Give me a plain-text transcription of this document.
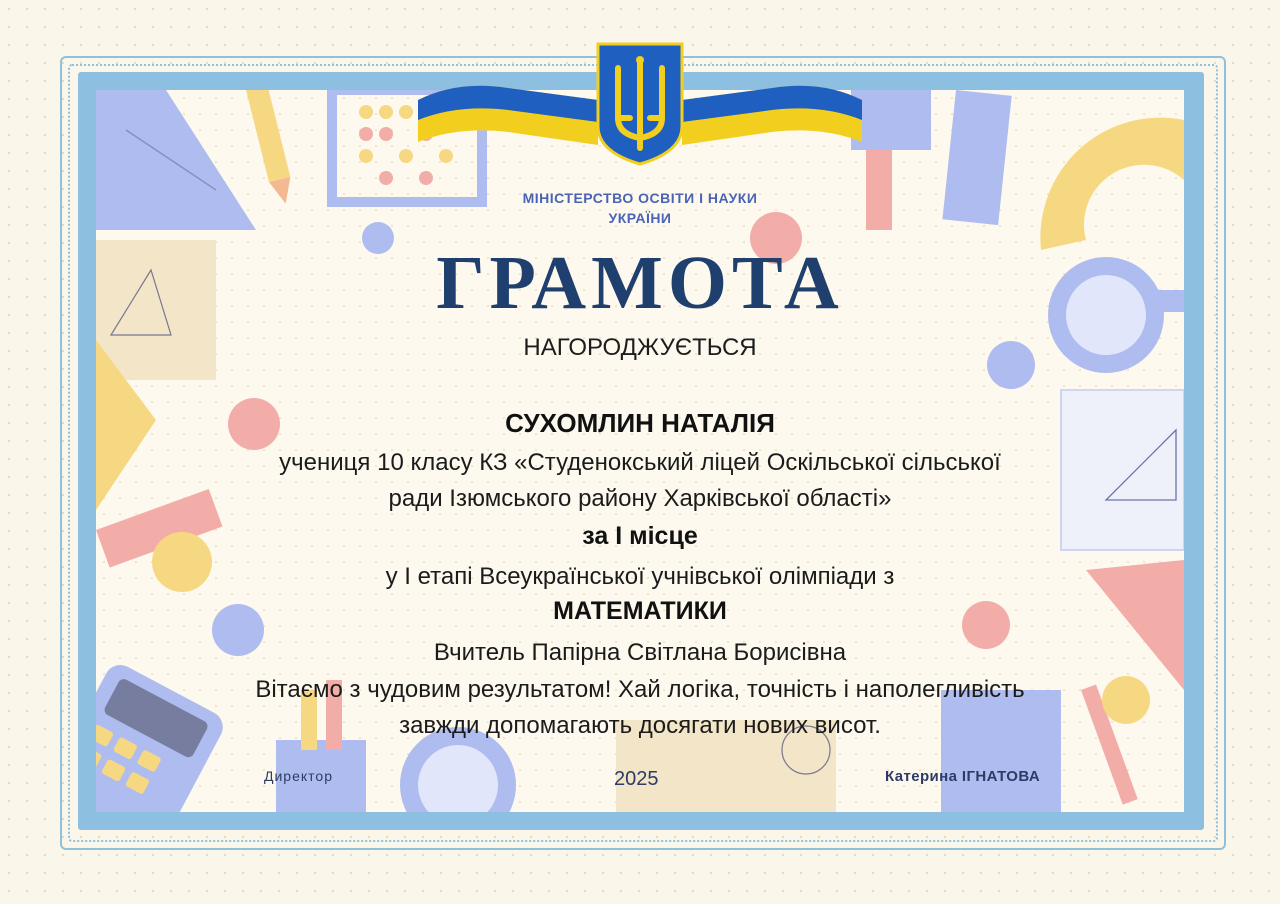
МІНІСТЕРСТВО ОСВІТИ І НАУКИ
УКРАЇНИ
ГРАМОТА
НАГОРОДЖУЄТЬСЯ
СУХОМЛИН НАТАЛІЯ
учениця 10 класу КЗ «Студенокський ліцей Оскільської сільської
ради Ізюмського району Харківської області»
за І місце
у І етапі Всеукраїнської учнівської олімпіади з
МАТЕМАТИКИ
Вчитель Папірна Світлана Борисівна
Вітаємо з чудовим результатом! Хай логіка, точність і наполегливість
завжди допомагають досягати нових висот.
Директор	2025	Катерина ІГНАТОВА
